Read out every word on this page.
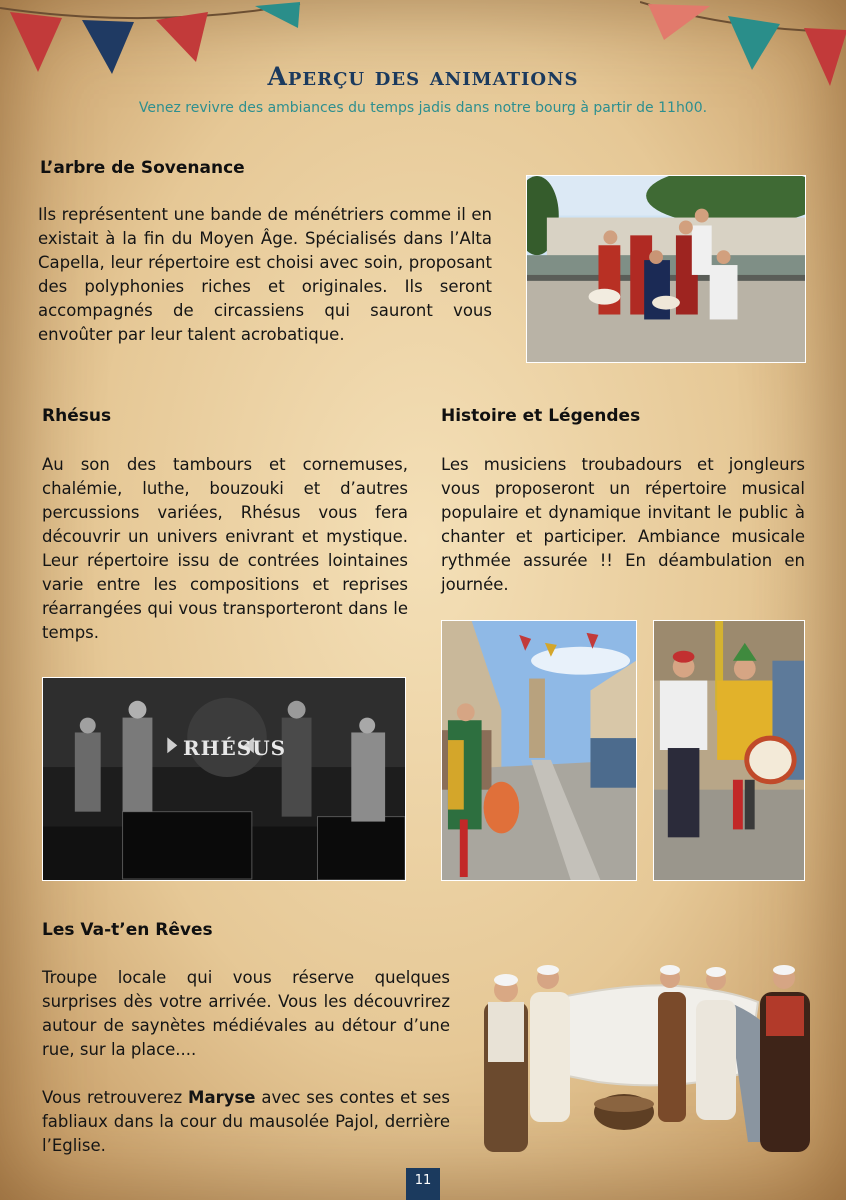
Aperçu des animations
Venez revivre des ambiances du temps jadis dans notre bourg à partir de 11h00.
L’arbre de Sovenance

Ils représentent une bande de ménétriers comme il en existait à la fin du Moyen Âge. Spécialisés dans l’Alta Capella, leur répertoire est choisi avec soin, proposant des polyphonies riches et originales. Ils seront accompagnés de circassiens qui sauront vous envoûter par leur talent acrobatique.

Rhésus

Au son des tambours et cornemuses, chalémie, luthe, bouzouki et d’autres percussions variées, Rhésus vous fera découvrir un univers enivrant et mystique. Leur répertoire issu de contrées lointaines varie entre les compositions et reprises réarrangées qui vous transporteront dans le temps.

RHÉSUS
Histoire et Légendes

Les musiciens troubadours et jongleurs vous proposeront un répertoire musical populaire et dynamique invitant le public à chanter et participer. Ambiance musicale rythmée assurée !! En déambulation en journée.

Les Va-t’en Rêves

Troupe locale qui vous réserve quelques surprises dès votre arrivée. Vous les découvrirez autour de saynètes médiévales au détour d’une rue, sur la place....

Vous retrouverez Maryse avec ses contes et ses fabliaux dans la cour du mausolée Pajol, derrière l’Eglise.

11
